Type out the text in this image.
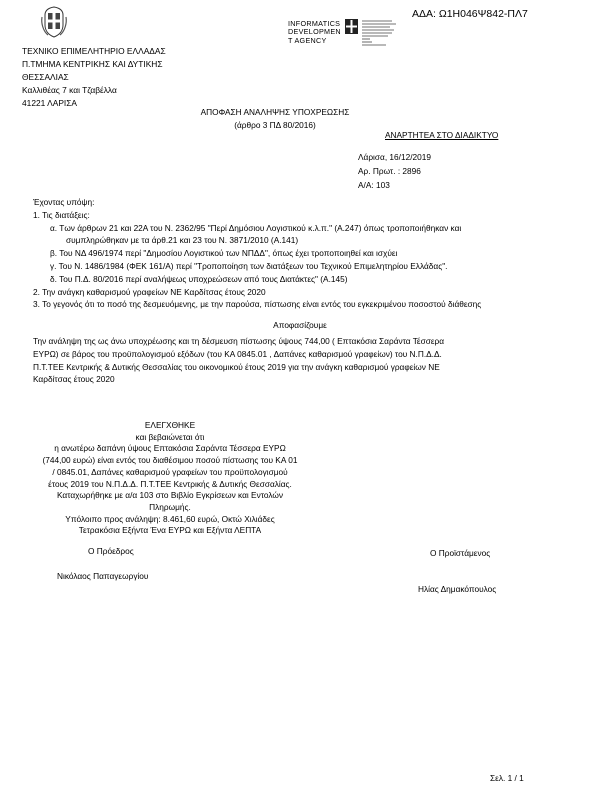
INFORMATICS
DEVELOPMEN
T AGENCY
ΑΔΑ: Ω1Η046Ψ842-ΠΛ7
ΤΕΧΝΙΚΟ ΕΠΙΜΕΛΗΤΗΡΙΟ ΕΛΛΑΔΑΣ
Π.ΤΜΗΜΑ ΚΕΝΤΡΙΚΗΣ ΚΑΙ ΔΥΤΙΚΗΣ
ΘΕΣΣΑΛΙΑΣ
Καλλιθέας 7 και Τζαβέλλα
41221 ΛΑΡΙΣΑ
ΑΠΟΦΑΣΗ ΑΝΑΛΗΨΗΣ ΥΠΟΧΡΕΩΣΗΣ
(άρθρο 3 ΠΔ 80/2016)
ΑΝΑΡΤΗΤΕΑ ΣΤΟ ΔΙΑΔΙΚΤΥΟ
Λάρισα, 16/12/2019
Αρ. Πρωτ. : 2896
Α/Α: 103
Έχοντας υπόψη:
1. Τις διατάξεις:
α. Των άρθρων 21 και 22Α του Ν. 2362/95 "Περί Δημόσιου Λογιστικού κ.λ.π." (Α.247) όπως τροποποιήθηκαν και
συμπληρώθηκαν με τα άρθ.21 και 23 του Ν. 3871/2010 (Α.141)
β. Του ΝΔ 496/1974 περί "Δημοσίου Λογιστικού των ΝΠΔΔ", όπως έχει τροποποιηθεί και ισχύει
γ. Του Ν. 1486/1984 (ΦΕΚ 161/Α) περί "Τροποποίηση των διατάξεων του Τεχνικού Επιμελητηρίου Ελλάδας".
δ. Του Π.Δ. 80/2016 περί αναλήψεως υποχρεώσεων από τους Διατάκτες" (Α.145)
2. Την ανάγκη καθαρισμού γραφείων ΝΕ Καρδίτσας έτους 2020
3. Το γεγονός ότι το ποσό της δεσμευόμενης, με την παρούσα, πίστωσης είναι εντός του εγκεκριμένου ποσοστού διάθεσης
Αποφασίζουμε
Την ανάληψη της ως άνω υποχρέωσης και τη δέσμευση πίστωσης ύψους 744,00 ( Επτακόσια Σαράντα Τέσσερα
ΕΥΡΩ) σε βάρος του προϋπολογισμού εξόδων (του ΚΑ 0845.01 , Δαπάνες καθαρισμού γραφείων) του Ν.Π.Δ.Δ.
Π.Τ.ΤΕΕ Κεντρικής & Δυτικής Θεσσαλίας του οικονομικού έτους 2019 για την ανάγκη καθαρισμού γραφείων ΝΕ
Καρδίτσας έτους 2020
ΕΛΕΓΧΘΗΚΕ
και βεβαιώνεται ότι
η ανωτέρω δαπάνη ύψους Επτακόσια Σαράντα Τέσσερα ΕΥΡΩ
(744,00 ευρώ) είναι εντός του διαθέσιμου ποσού πίστωσης του ΚΑ 01
/ 0845.01, Δαπάνες καθαρισμού γραφείων του προϋπολογισμού
έτους 2019 του Ν.Π.Δ.Δ. Π.Τ.ΤΕΕ Κεντρικής & Δυτικής Θεσσαλίας.
Καταχωρήθηκε με α/α 103 στο Βιβλίο Εγκρίσεων και Εντολών
Πληρωμής.
Υπόλοιπο προς ανάληψη: 8.461,60 ευρώ, Οκτώ Χιλιάδες
Τετρακόσια Εξήντα Ένα ΕΥΡΩ και Εξήντα ΛΕΠΤΑ
Ο Πρόεδρος	Ο Προϊστάμενος
Νικόλαος Παπαγεωργίου
Ηλίας Δημακόπουλος
Σελ. 1 / 1
